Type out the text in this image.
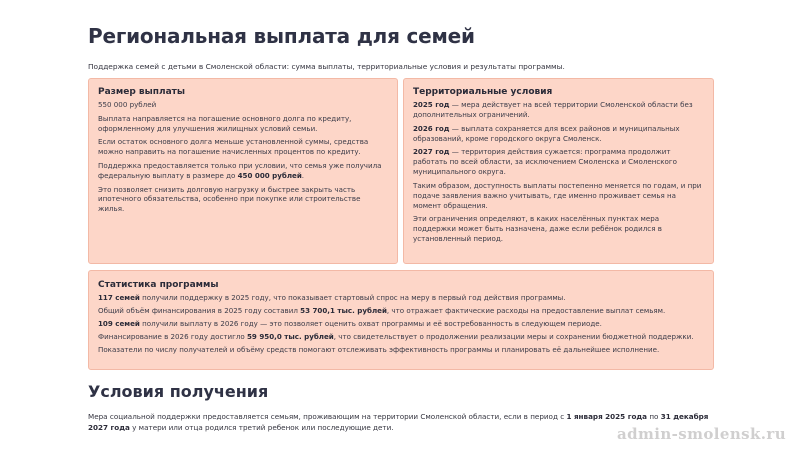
Региональная выплата для семей

Поддержка семей с детьми в Смоленской области: сумма выплаты, территориальные условия и результаты программы.

Размер выплаты

550 000 рублей

Выплата направляется на погашение основного долга по кредиту, оформленному для улучшения жилищных условий семьи.

Если остаток основного долга меньше установленной суммы, средства можно направить на погашение начисленных процентов по кредиту.

Поддержка предоставляется только при условии, что семья уже получила федеральную выплату в размере до 450 000 рублей.

Это позволяет снизить долговую нагрузку и быстрее закрыть часть ипотечного обязательства, особенно при покупке или строительстве жилья.

Территориальные условия

2025 год — мера действует на всей территории Смоленской области без дополнительных ограничений.

2026 год — выплата сохраняется для всех районов и муниципальных образований, кроме городского округа Смоленск.

2027 год — территория действия сужается: программа продолжит работать по всей области, за исключением Смоленска и Смоленского муниципального округа.

Таким образом, доступность выплаты постепенно меняется по годам, и при подаче заявления важно учитывать, где именно проживает семья на момент обращения.

Эти ограничения определяют, в каких населённых пунктах мера поддержки может быть назначена, даже если ребёнок родился в установленный период.

Статистика программы

117 семей получили поддержку в 2025 году, что показывает стартовый спрос на меру в первый год действия программы.

Общий объём финансирования в 2025 году составил 53 700,1 тыс. рублей, что отражает фактические расходы на предоставление выплат семьям.

109 семей получили выплату в 2026 году — это позволяет оценить охват программы и её востребованность в следующем периоде.

Финансирование в 2026 году достигло 59 950,0 тыс. рублей, что свидетельствует о продолжении реализации меры и сохранении бюджетной поддержки.

Показатели по числу получателей и объёму средств помогают отслеживать эффективность программы и планировать её дальнейшее исполнение.

Условия получения

Мера социальной поддержки предоставляется семьям, проживающим на территории Смоленской области, если в период с 1 января 2025 года по 31 декабря 2027 года у матери или отца родился третий ребенок или последующие дети.	admin-smolensk.ru
